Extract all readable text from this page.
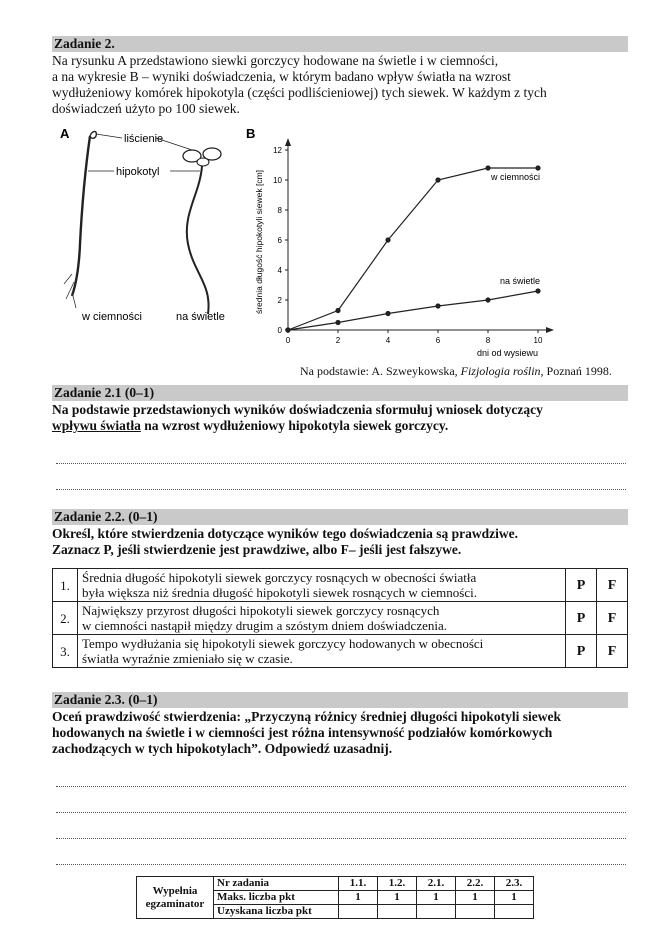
Zadanie 2.
Na rysunku A przedstawiono siewki gorczycy hodowane na świetle i w ciemności,
a na wykresie B – wyniki doświadczenia, w którym badano wpływ światła na wzrost
wydłużeniowy komórek hipokotyla (części podliścieniowej) tych siewek. W każdym z tych
doświadczeń użyto po 100 siewek.
A	liścienie
hipokotyl
w ciemności	na świetle
B
średnia długość hipokotyli siewek [cm]
0
2
4
6
8
10
12
0	2	4	6	8	10
w ciemności
na świetle
dni od wysiewu
Na podstawie: A. Szweykowska, Fizjologia roślin, Poznań 1998.
Zadanie 2.1 (0–1)
Na podstawie przedstawionych wyników doświadczenia sformułuj wniosek dotyczący
wpływu światła na wzrost wydłużeniowy hipokotyla siewek gorczycy.
Zadanie 2.2. (0–1)
Określ, które stwierdzenia dotyczące wyników tego doświadczenia są prawdziwe.
Zaznacz P, jeśli stwierdzenie jest prawdziwe, albo F– jeśli jest fałszywe.
1.	Średnia długość hipokotyli siewek gorczycy rosnących w obecności światła
była większa niż średnia długość hipokotyli siewek rosnących w ciemności.	P	F
2.	Największy przyrost długości hipokotyli siewek gorczycy rosnących
w ciemności nastąpił między drugim a szóstym dniem doświadczenia.	P	F
3.	Tempo wydłużania się hipokotyli siewek gorczycy hodowanych w obecności
światła wyraźnie zmieniało się w czasie.	P	F
Zadanie 2.3. (0–1)
Oceń prawdziwość stwierdzenia: „Przyczyną różnicy średniej długości hipokotyli siewek
hodowanych na świetle i w ciemności jest różna intensywność podziałów komórkowych
zachodzących w tych hipokotylach”. Odpowiedź uzasadnij.
Wypełnia
egzaminator	Nr zadania	1.1.	1.2.	2.1.	2.2.	2.3.
	Maks. liczba pkt	1	1	1	1	1
	Uzyskana liczba pkt					
